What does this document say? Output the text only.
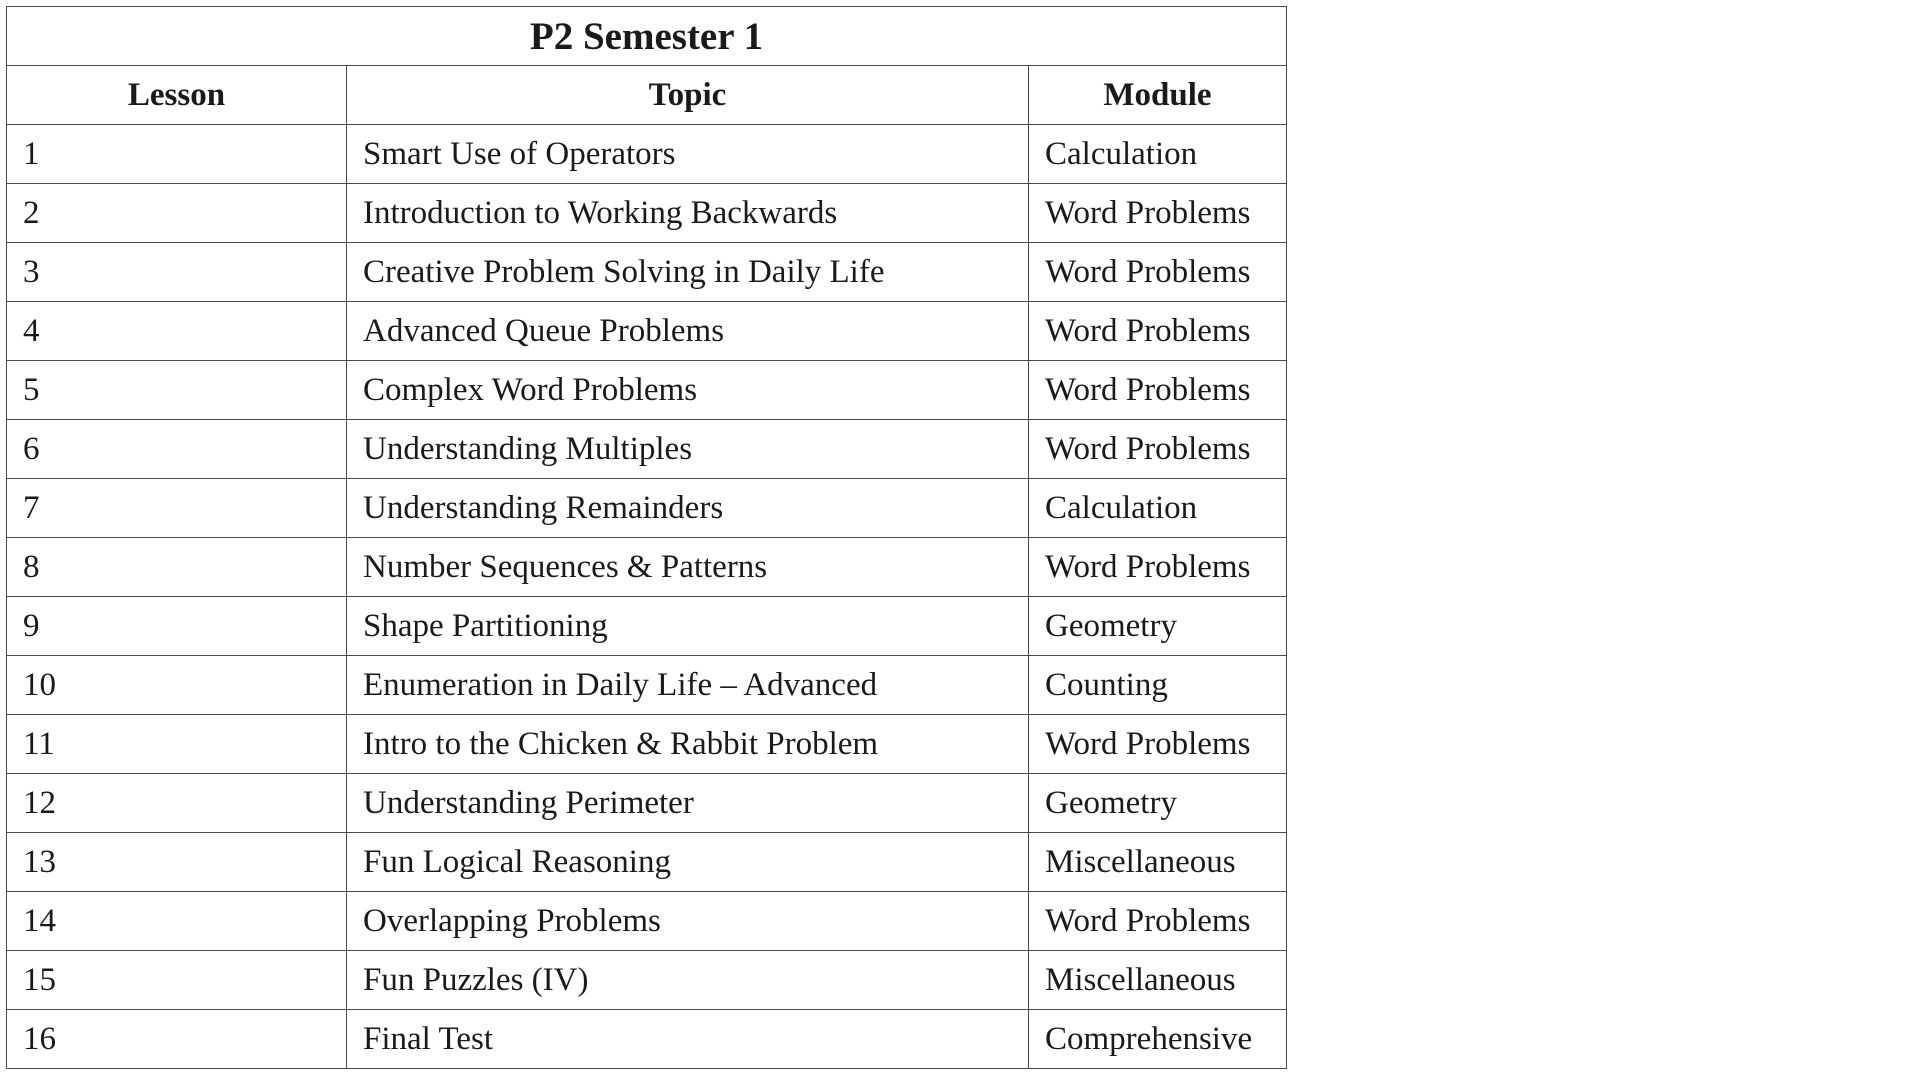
P2 Semester 1		
Lesson	Topic	Module
1	Smart Use of Operators	Calculation
2	Introduction to Working Backwards	Word Problems
3	Creative Problem Solving in Daily Life	Word Problems
4	Advanced Queue Problems	Word Problems
5	Complex Word Problems	Word Problems
6	Understanding Multiples	Word Problems
7	Understanding Remainders	Calculation
8	Number Sequences & Patterns	Word Problems
9	Shape Partitioning	Geometry
10	Enumeration in Daily Life – Advanced	Counting
11	Intro to the Chicken & Rabbit Problem	Word Problems
12	Understanding Perimeter	Geometry
13	Fun Logical Reasoning	Miscellaneous
14	Overlapping Problems	Word Problems
15	Fun Puzzles (IV)	Miscellaneous
16	Final Test	Comprehensive
